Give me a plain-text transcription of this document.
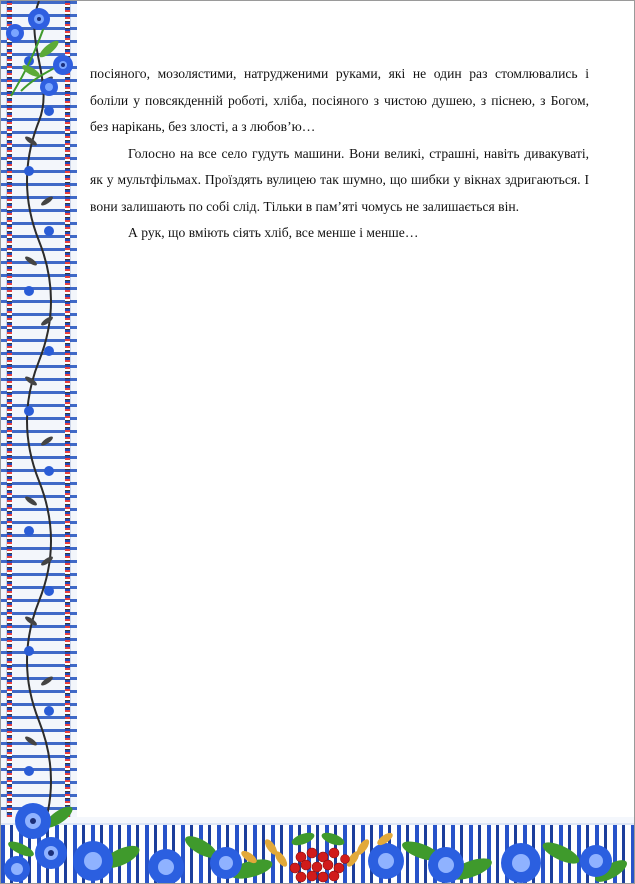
посіяного, мозолястими, натрудженими руками, які не один раз стомлювались і боліли у повсякденній роботі, хліба, посіяного з чистою душею, з піснею, з Богом, без нарікань, без злості, а з любов’ю…

Голосно на все село гудуть машини. Вони великі, страшні, навіть дивакуваті, як у мультфільмах. Проїздять вулицею так шумно, що шибки у вікнах здригаються. І вони залишають по собі слід. Тільки в пам’яті чомусь не залишається він.

А рук, що вміють сіять хліб, все менше і менше…
